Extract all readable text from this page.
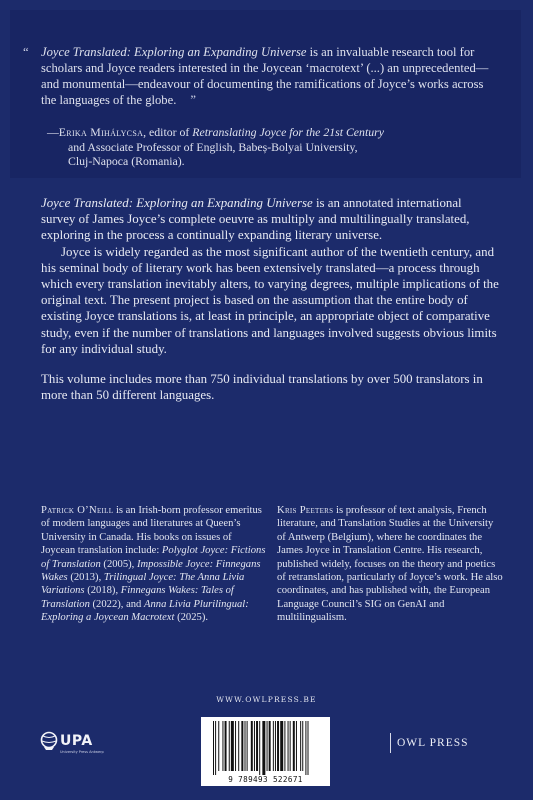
“ Joyce Translated: Exploring an Expanding Universe is an invaluable research tool for scholars and Joyce readers interested in the Joycean ‘macrotext’ (...) an unprecedented—and monumental—endeavour of documenting the ramifications of Joyce’s works across the languages of the globe. ”
—Erika Mihálycsa, editor of Retranslating Joyce for the 21st Century
and Associate Professor of English, Babeș-Bolyai University,
Cluj-Napoca (Romania).

Joyce Translated: Exploring an Expanding Universe is an annotated international survey of James Joyce’s complete oeuvre as multiply and multilingually translated, exploring in the process a continually expanding literary universe.

Joyce is widely regarded as the most significant author of the twentieth century, and his seminal body of literary work has been extensively translated—a process through which every translation inevitably alters, to varying degrees, multiple implications of the original text. The present project is based on the assumption that the entire body of existing Joyce translations is, at least in principle, an appropriate object of comparative study, even if the number of translations and languages involved suggests obvious limits for any individual study.

This volume includes more than 750 individual translations by over 500 translators in more than 50 different languages.

Patrick O’Neill is an Irish-born professor emeritus of modern languages and literatures at Queen’s University in Canada. His books on issues of Joycean translation include: Polyglot Joyce: Fictions of Translation (2005), Impossible Joyce: Finnegans Wakes (2013), Trilingual Joyce: The Anna Livia Variations (2018), Finnegans Wakes: Tales of Translation (2022), and Anna Livia Plurilingual: Exploring a Joycean Macrotext (2025).

Kris Peeters is professor of text analysis, French literature, and Translation Studies at the University of Antwerp (Belgium), where he coordinates the James Joyce in Translation Centre. His research, published widely, focuses on the theory and poetics of retranslation, particularly of Joyce’s work. He also coordinates, and has published with, the European Language Council’s SIG on GenAI and multilingualism.

WWW.OWLPRESS.BE
UPA
University Press Antwerp
9 789493 522671
OWL PRESS
